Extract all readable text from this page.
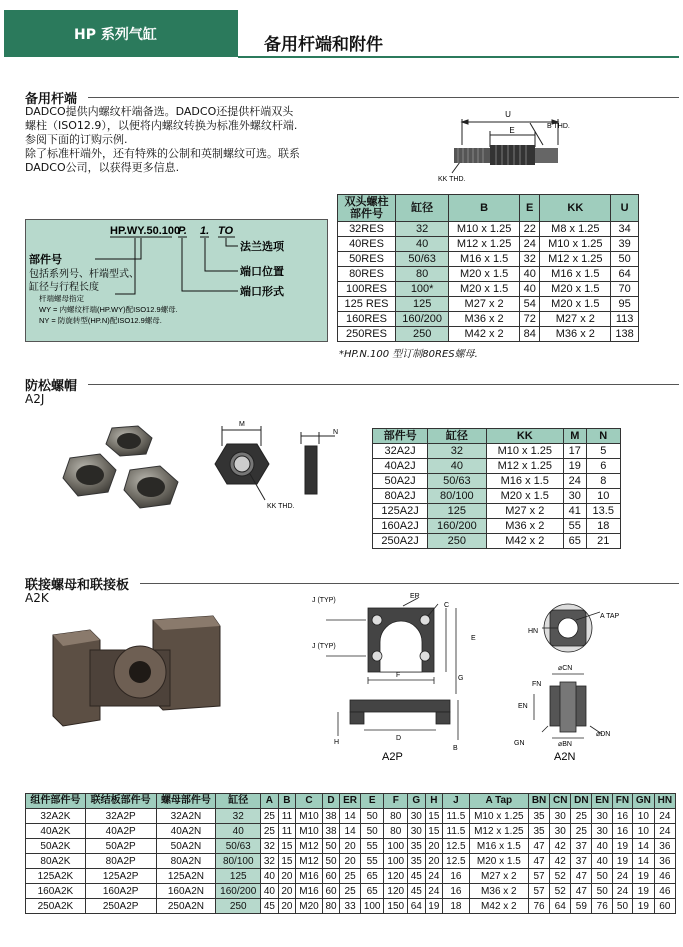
HP 系列气缸
备用杆端和附件
备用杆端
DADCO提供内螺纹杆端备选。DADCO还提供杆端双头
螺柱（ISO12.9），以便将内螺纹转换为标准外螺纹杆端.
参阅下面的订购示例.
除了标准杆端外，还有特殊的公制和英制螺纹可选。联系
DADCO公司，以获得更多信息.
U
E	B THD.
KK THD.
HP.WY.50.100
P. 1. TO
法兰选项
端口位置
端口形式
部件号
包括系列号、杆端型式、
缸径与行程长度
杆端螺母指定
WY = 内螺纹杆端(HP.WY)配ISO12.9螺母.
NY = 防旋转型(HP.N)配ISO12.9螺母.
双头螺柱部件号	缸径	B	E	KK	U
32RES	32	M10 x 1.25	22	M8 x 1.25	34
40RES	40	M12 x 1.25	24	M10 x 1.25	39
50RES	50/63	M16 x 1.5	32	M12 x 1.25	50
80RES	80	M20 x 1.5	40	M16 x 1.5	64
100RES	100*	M20 x 1.5	40	M20 x 1.5	70
125 RES	125	M27 x 2	54	M20 x 1.5	95
160RES	160/200	M36 x 2	72	M27 x 2	113
250RES	250	M42 x 2	84	M36 x 2	138
*HP.N.100 型订制80RES螺母.
防松螺帽
A2J
M
N
KK THD.
部件号	缸径	KK	M	N
32A2J	32	M10 x 1.25	17	5
40A2J	40	M12 x 1.25	19	6
50A2J	50/63	M16 x 1.5	24	8
80A2J	80/100	M20 x 1.5	30	10
125A2J	125	M27 x 2	41	13.5
160A2J	160/200	M36 x 2	55	18
250A2J	250	M42 x 2	65	21
联接螺母和联接板
A2K	J (TYP)
J (TYP)
ER
C
E
F	G
H
D
B
A2P
A TAP
HN
⌀CN
FN
EN
GN	⌀BN
⌀DN
A2N
组件部件号	联结板部件号	螺母部件号	缸径	A	B	C	D	ER	E	F	G	H	J	A Tap	BN	CN	DN	EN	FN	GN	HN
32A2K	32A2P	32A2N	32	25	11	M10	38	14	50	80	30	15	11.5	M10 x 1.25	35	30	25	30	16	10	24
40A2K	40A2P	40A2N	40	25	11	M10	38	14	50	80	30	15	11.5	M12 x 1.25	35	30	25	30	16	10	24
50A2K	50A2P	50A2N	50/63	32	15	M12	50	20	55	100	35	20	12.5	M16 x 1.5	47	42	37	40	19	14	36
80A2K	80A2P	80A2N	80/100	32	15	M12	50	20	55	100	35	20	12.5	M20 x 1.5	47	42	37	40	19	14	36
125A2K	125A2P	125A2N	125	40	20	M16	60	25	65	120	45	24	16	M27 x 2	57	52	47	50	24	19	46
160A2K	160A2P	160A2N	160/200	40	20	M16	60	25	65	120	45	24	16	M36 x 2	57	52	47	50	24	19	46
250A2K	250A2P	250A2N	250	45	20	M20	80	33	100	150	64	19	18	M42 x 2	76	64	59	76	50	19	60
